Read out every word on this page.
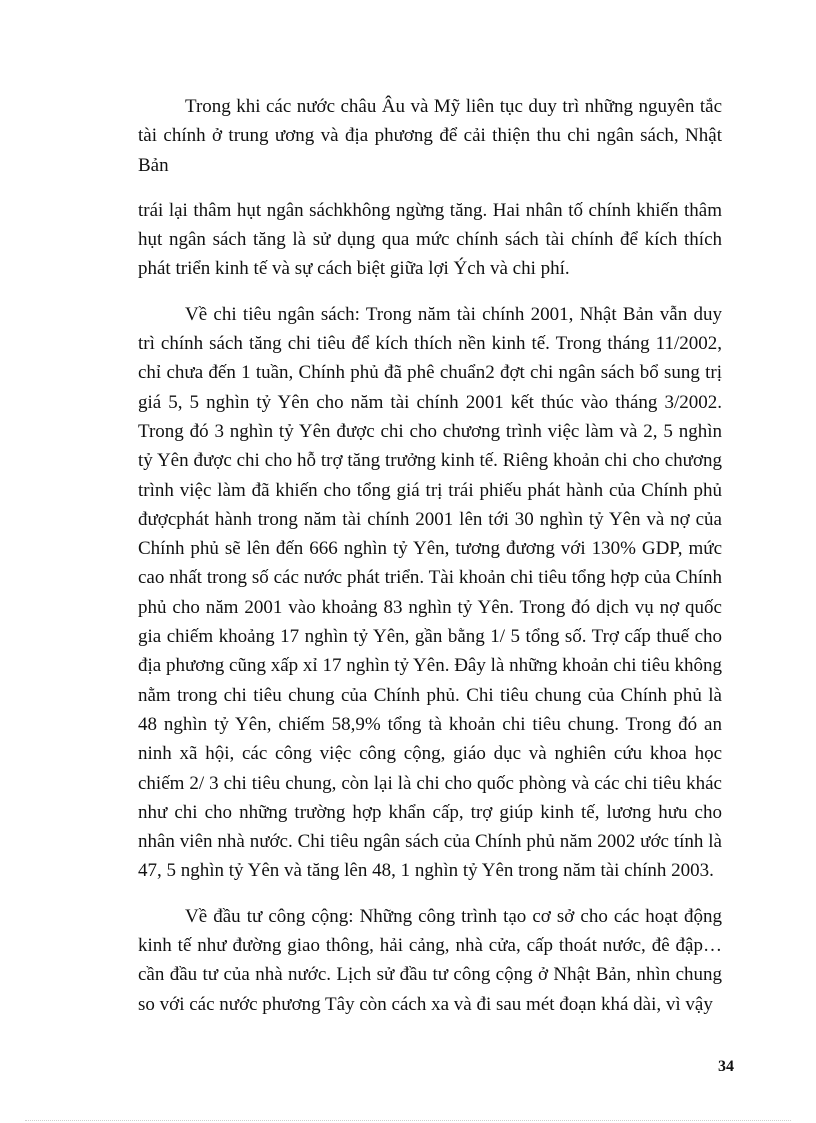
Trong khi các nước châu Âu và Mỹ liên tục duy trì những nguyên tắc tài chính ở trung ương và địa phương để cải thiện thu chi ngân sách, Nhật Bản

trái lại thâm hụt ngân sáchkhông ngừng tăng. Hai nhân tố chính khiến thâm hụt ngân sách tăng là sử dụng qua mức chính sách tài chính để kích thích phát triển kinh tế và sự cách biệt giữa lợi Ých và chi phí.

Về chi tiêu ngân sách: Trong năm tài chính 2001, Nhật Bản vẫn duy trì chính sách tăng chi tiêu để kích thích nền kinh tế. Trong tháng 11/2002, chỉ chưa đến 1 tuần, Chính phủ đã phê chuẩn2 đợt chi ngân sách bổ sung trị giá 5, 5 nghìn tỷ Yên cho năm tài chính 2001 kết thúc vào tháng 3/2002. Trong đó 3 nghìn tỷ Yên được chi cho chương trình việc làm và 2, 5 nghìn tỷ Yên được chi cho hỗ trợ tăng trưởng kinh tế. Riêng khoản chi cho chương trình việc làm đã khiến cho tổng giá trị trái phiếu phát hành của Chính phủ đượcphát hành trong năm tài chính 2001 lên tới 30 nghìn tỷ Yên và nợ của Chính phủ sẽ lên đến 666 nghìn tỷ Yên, tương đương với 130% GDP, mức cao nhất trong số các nước phát triển. Tài khoản chi tiêu tổng hợp của Chính phủ cho năm 2001 vào khoảng 83 nghìn tỷ Yên. Trong đó dịch vụ nợ quốc gia chiếm khoảng 17 nghìn tỷ Yên, gần bằng 1/ 5 tổng số. Trợ cấp thuế cho địa phương cũng xấp xỉ 17 nghìn tỷ Yên. Đây là những khoản chi tiêu không nằm trong chi tiêu chung của Chính phủ. Chi tiêu chung của Chính phủ là 48 nghìn tỷ Yên, chiếm 58,9% tổng tà khoản chi tiêu chung. Trong đó an ninh xã hội, các công việc công cộng, giáo dục và nghiên cứu khoa học chiếm 2/ 3 chi tiêu chung, còn lại là chi cho quốc phòng và các chi tiêu khác như chi cho những trường hợp khẩn cấp, trợ giúp kinh tế, lương hưu cho nhân viên nhà nước. Chi tiêu ngân sách của Chính phủ năm 2002 ước tính là 47, 5 nghìn tỷ Yên và tăng lên 48, 1 nghìn tỷ Yên trong năm tài chính 2003.

Về đầu tư công cộng: Những công trình tạo cơ sở cho các hoạt động kinh tế như đường giao thông, hải cảng, nhà cửa, cấp thoát nước, đê đập… cần đầu tư của nhà nước. Lịch sử đầu tư công cộng ở Nhật Bản, nhìn chung so với các nước phương Tây còn cách xa và đi sau mét đoạn khá dài, vì vậy

34
